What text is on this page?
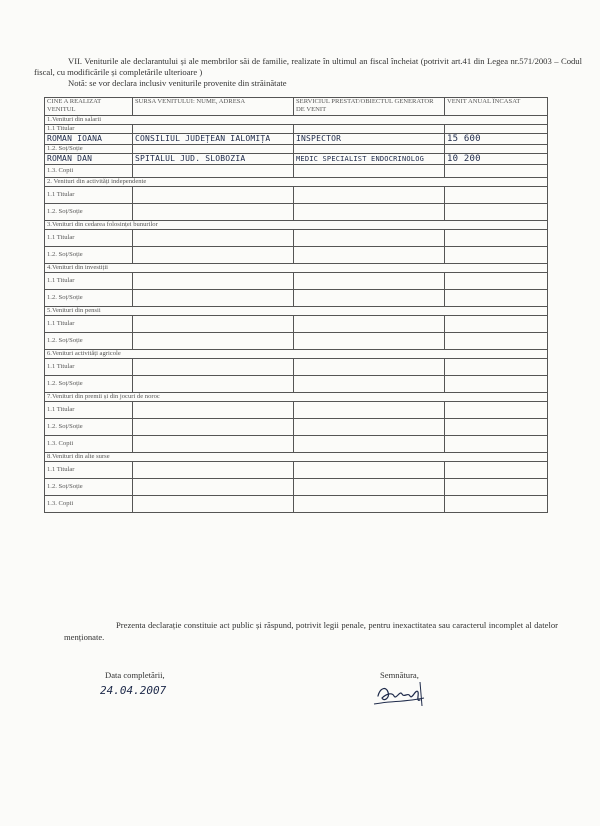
VII. Veniturile ale declarantului și ale membrilor săi de familie, realizate în ultimul an fiscal încheiat (potrivit art.41 din Legea nr.571/2003 – Codul fiscal, cu modificările și completările ulterioare )

Notă: se vor declara inclusiv veniturile provenite din străinătate

CINE A REALIZAT VENITUL	SURSA VENITULUI: NUME, ADRESA	SERVICIUL PRESTAT/OBIECTUL GENERATOR DE VENIT	VENIT ANUAL ÎNCASAT
1.Venituri din salarii			
1.1 Titular			
ROMAN IOANA	CONSILIUL JUDEȚEAN IALOMIȚA	INSPECTOR	15 600
1.2. Soț/Soție			
ROMAN DAN	SPITALUL JUD. SLOBOZIA	MEDIC SPECIALIST ENDOCRINOLOG	10 200
1.3. Copii			
2. Venituri din activități independente			
1.1 Titular			
1.2. Soț/Soție			
3.Venituri din cedarea folosinței bunurilor			
1.1 Titular			
1.2. Soț/Soție			
4.Venituri din investiții			
1.1 Titular			
1.2. Soț/Soție			
5.Venituri din pensii			
1.1 Titular			
1.2. Soț/Soție			
6.Venituri activități agricole			
1.1 Titular			
1.2. Soț/Soție			
7.Venituri din premii și din jocuri de noroc			
1.1 Titular			
1.2. Soț/Soție			
1.3. Copii			
8.Venituri din alte surse			
1.1 Titular			
1.2. Soț/Soție			
1.3. Copii			

Prezenta declarație constituie act public și răspund, potrivit legii penale, pentru inexactitatea sau caracterul incomplet al datelor menționate.

Data completării,
24.04.2007
Semnătura,
